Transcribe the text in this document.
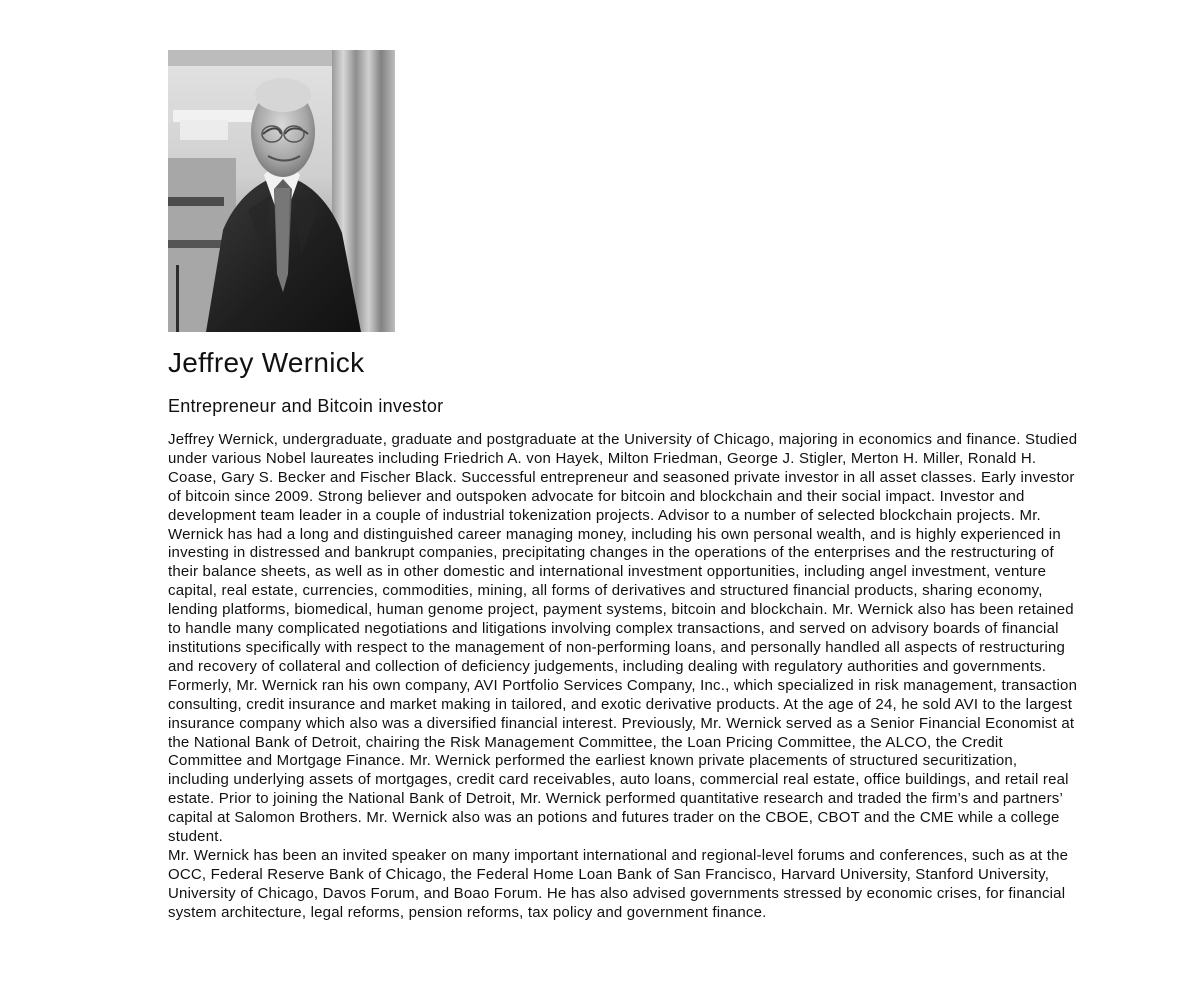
Jeffrey Wernick
Entrepreneur and Bitcoin investor

Jeffrey Wernick, undergraduate, graduate and postgraduate at the University of Chicago, majoring in economics and finance. Studied under various Nobel laureates including Friedrich A. von Hayek, Milton Friedman, George J. Stigler, Merton H. Miller, Ronald H. Coase, Gary S. Becker and Fischer Black. Successful entrepreneur and seasoned private investor in all asset classes. Early investor of bitcoin since 2009. Strong believer and outspoken advocate for bitcoin and blockchain and their social impact. Investor and development team leader in a couple of industrial tokenization projects. Advisor to a number of selected blockchain projects. Mr. Wernick has had a long and distinguished career managing money, including his own personal wealth, and is highly experienced in investing in distressed and bankrupt companies, precipitating changes in the operations of the enterprises and the restructuring of their balance sheets, as well as in other domestic and international investment opportunities, including angel investment, venture capital, real estate, currencies, commodities, mining, all forms of derivatives and structured financial products, sharing economy, lending platforms, biomedical, human genome project, payment systems, bitcoin and blockchain. Mr. Wernick also has been retained to handle many complicated negotiations and litigations involving complex transactions, and served on advisory boards of financial institutions specifically with respect to the management of non-performing loans, and personally handled all aspects of restructuring and recovery of collateral and collection of deficiency judgements, including dealing with regulatory authorities and governments.

Formerly, Mr. Wernick ran his own company, AVI Portfolio Services Company, Inc., which specialized in risk management, transaction consulting, credit insurance and market making in tailored, and exotic derivative products. At the age of 24, he sold AVI to the largest insurance company which also was a diversified financial interest. Previously, Mr. Wernick served as a Senior Financial Economist at the National Bank of Detroit, chairing the Risk Management Committee, the Loan Pricing Committee, the ALCO, the Credit Committee and Mortgage Finance. Mr. Wernick performed the earliest known private placements of structured securitization, including underlying assets of mortgages, credit card receivables, auto loans, commercial real estate, office buildings, and retail real estate. Prior to joining the National Bank of Detroit, Mr. Wernick performed quantitative research and traded the firm’s and partners’ capital at Salomon Brothers. Mr. Wernick also was an potions and futures trader on the CBOE, CBOT and the CME while a college student.

Mr. Wernick has been an invited speaker on many important international and regional-level forums and conferences, such as at the OCC, Federal Reserve Bank of Chicago, the Federal Home Loan Bank of San Francisco, Harvard University, Stanford University, University of Chicago, Davos Forum, and Boao Forum. He has also advised governments stressed by economic crises, for financial system architecture, legal reforms, pension reforms, tax policy and government finance.
